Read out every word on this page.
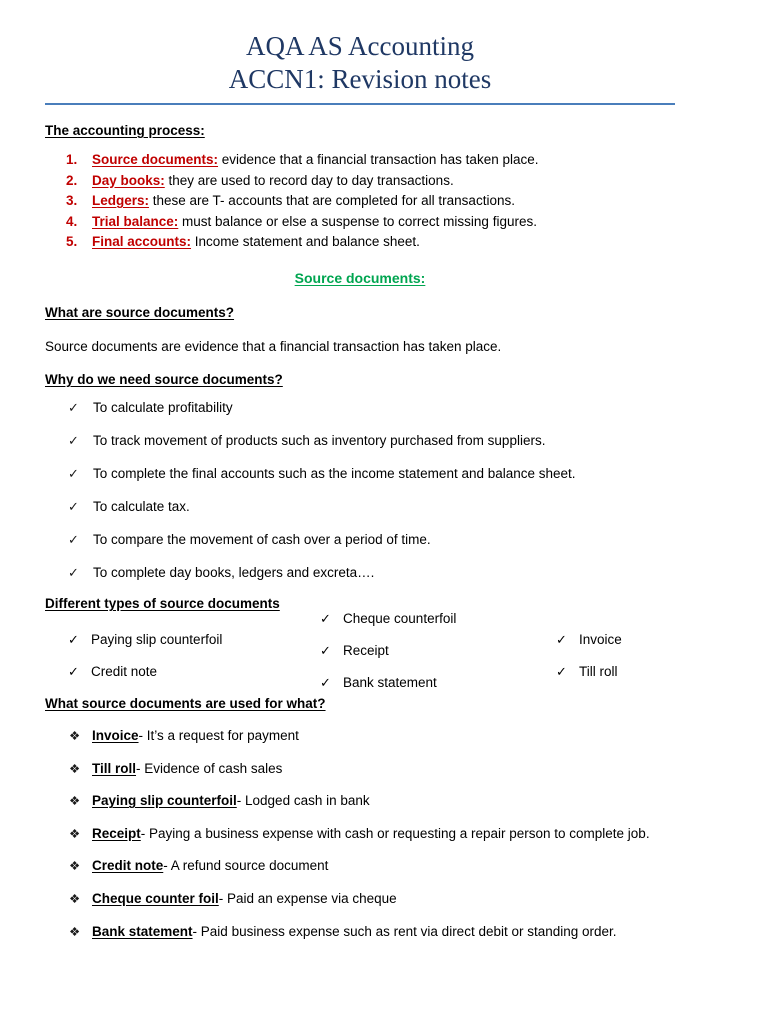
AQA AS Accounting
ACCN1: Revision notes
The accounting process:
1.	Source documents: evidence that a financial transaction has taken place.
2.	Day books: they are used to record day to day transactions.
3.	Ledgers: these are T- accounts that are completed for all transactions.
4.	Trial balance: must balance or else a suspense to correct missing figures.
5.	Final accounts: Income statement and balance sheet.
Source documents:
What are source documents?
Source documents are evidence that a financial transaction has taken place.
Why do we need source documents?
✓ To calculate profitability
✓ To track movement of products such as inventory purchased from suppliers.
✓ To complete the final accounts such as the income statement and balance sheet.
✓ To calculate tax.
✓ To compare the movement of cash over a period of time.
✓ To complete day books, ledgers and excreta….
Different types of source documents
✓ Paying slip counterfoil
✓ Credit note
✓ Cheque counterfoil
✓ Receipt
✓ Bank statement
✓ Invoice
✓ Till roll
What source documents are used for what?
❖ Invoice- It’s a request for payment
❖ Till roll- Evidence of cash sales
❖ Paying slip counterfoil- Lodged cash in bank
❖ Receipt- Paying a business expense with cash or requesting a repair person to complete job.
❖ Credit note- A refund source document
❖ Cheque counter foil- Paid an expense via cheque
❖ Bank statement- Paid business expense such as rent via direct debit or standing order.
